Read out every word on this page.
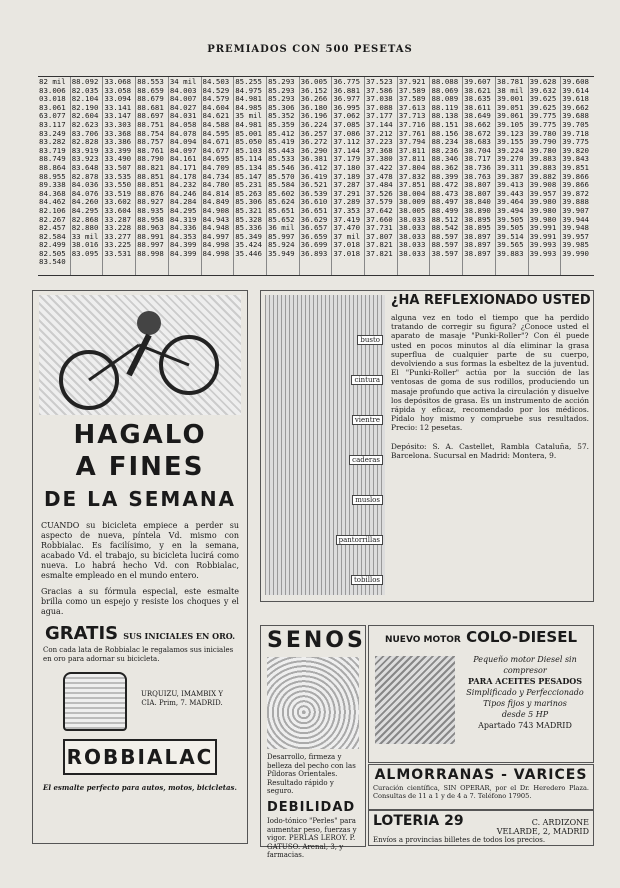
PREMIADOS CON 500 PESETAS
82 mil
83.006
03.018
83.061
63.077
83.117
83.249
83.282
83.719
88.749
88.864
88.955
89.338
84.368
84.462
82.106
82.267
82.457
82.584
82.499
82.505
83.540
88.092
82.035
82.104
82.190
82.604
82.623
83.706
82.828
83.919
83.923
83.648
82.878
84.036
84.076
84.260
84.295
82.868
82.880
33 mil
38.016
83.095
33.068
33.058
33.094
33.141
33.147
33.303
33.368
33.386
33.399
33.490
33.507
33.535
33.550
33.519
33.602
33.604
33.287
33.228
33.277
33.225
33.531
88.553
88.659
88.679
88.681
88.697
88.751
88.754
88.757
88.761
88.790
88.821
88.851
88.851
88.876
88.927
88.935
88.958
88.963
88.991
88.997
88.998
34 mil
84.003
84.007
84.027
84.031
84.058
84.078
84.094
84.097
84.161
84.171
84.178
84.232
84.246
84.284
84.295
84.319
84.336
84.353
84.399
84.399
84.503
84.529
84.579
84.604
84.621
84.588
84.595
84.671
84.677
84.695
84.709
84.734
84.780
84.814
84.849
84.908
84.943
84.948
84.997
84.998
84.998
85.255
84.975
84.981
84.985
35 mil
84.981
85.001
85.050
85.103
85.114
85.134
85.147
85.231
85.263
85.306
85.321
85.328
85.336
85.349
35.424
35.446
85.293
85.293
85.293
85.306
85.352
85.359
85.412
85.419
85.443
85.533
85.546
85.570
85.584
85.602
85.624
85.651
85.652
36 mil
85.997
85.924
35.949
36.005
36.152
36.266
36.180
36.196
36.224
36.257
36.272
36.290
36.381
36.412
36.419
36.521
36.539
36.610
36.651
36.629
36.657
36.659
36.699
36.893
36.775
36.881
36.977
36.995
37.062
37.085
37.086
37.112
37.144
37.179
37.180
37.189
37.287
37.291
37.289
37.353
37.419
37.470
37 mil
37.018
37.018
37.523
37.586
37.038
37.088
37.177
37.144
37.212
37.223
37.368
37.380
37.422
37.478
37.484
37.526
37.579
37.642
37.660
37.731
37.807
37.821
37.821
37.921
37.589
37.589
37.613
37.713
37.716
37.761
37.794
37.811
37.811
37.804
37.832
37.851
38.004
38.009
38.005
38.033
38.033
38.033
38.033
38.033
88.088
88.069
88.089
88.119
88.138
88.151
88.156
88.234
88.236
88.346
88.362
88.399
88.472
88.473
88.497
88.499
88.512
88.542
88.597
88.597
38.597
39.607
38.621
38.635
38.611
38.649
38.662
38.672
38.683
38.704
38.717
38.736
38.763
38.807
38.807
38.840
38.890
38.895
38.895
38.897
38.897
38.897
38.781
38 mil
39.001
39.051
39.061
39.105
39.123
39.155
39.224
39.270
39.311
39.387
39.413
39.443
39.464
39.494
39.505
39.505
39.514
39.565
39.883
39.628
39.632
39.625
39.625
39.775
39.775
39.780
39.790
39.780
39.883
39.883
39.882
39.908
39.957
39.980
39.980
39.980
39.991
39.991
39.993
39.993
39.608
39.614
39.618
39.662
39.688
39.705
39.718
39.775
39.820
39.843
39.851
39.866
39.866
39.872
39.888
39.907
39.944
39.948
39.957
39.985
39.990
HAGALO
A FINES
DE LA SEMANA
CUANDO su bicicleta empiece a perder su aspecto de nueva, píntela Vd. mismo con Robbialac. Es facilísimo, y en la semana, acabado Vd. el trabajo, su bicicleta lucirá como nueva. Lo habrá hecho Vd. con Robbialac, esmalte empleado en el mundo entero.
Gracias a su fórmula especial, este esmalte brilla como un espejo y resiste los choques y el agua.
GRATIS SUS INICIALES EN ORO.
Con cada lata de Robbialac le regalamos sus iniciales en oro para adornar su bicicleta.
URQUIZU, IMAMBIX Y CIA. Prim, 7. MADRID.
ROBBIALAC
El esmalte perfecto para autos, motos, bicicletas.
busto
cintura
vientre
caderas
muslos
pantorrillas
tobillos
¿HA REFLEXIONADO USTED
alguna vez en todo el tiempo que ha perdido tratando de corregir su figura? ¿Conoce usted el aparato de masaje "Punki-Roller"? Con él puede usted en pocos minutos al día eliminar la grasa superflua de cualquier parte de su cuerpo, devolviendo a sus formas la esbeltez de la juventud. El "Punki-Roller" actúa por la succión de las ventosas de goma de sus rodillos, produciendo un masaje profundo que activa la circulación y disuelve los depósitos de grasa. Es un instrumento de acción rápida y eficaz, recomendado por los médicos. Pídalo hoy mismo y compruebe sus resultados. Precio: 12 pesetas.

Depósito: S. A. Castellet, Rambla Cataluña, 57. Barcelona. Sucursal en Madrid: Montera, 9.
SENOS
Desarrollo, firmeza y belleza del pecho con las Píldoras Orientales. Resultado rápido y seguro.
DEBILIDAD
Iodo-tónico "Perles" para aumentar peso, fuerzas y vigor. PERLAS LEROY. P. GATUSO. Arenal, 3, y farmacias.
NUEVO MOTOR COLO-DIESEL
Pequeño motor Diesel sin compresor
PARA ACEITES PESADOS
Simplificado y Perfeccionado
Tipos fijos y marinos
desde 5 HP
Apartado 743 MADRID
ALMORRANAS - VARICES
Curación científica, SIN OPERAR, por el Dr. Heredero Plaza. Consultas de 11 a 1 y de 4 a 7. Teléfono 17905.
LOTERIA 29	C. ARDIZONE
VELARDE, 2, MADRID
Envíos a provincias billetes de todos los precios.
